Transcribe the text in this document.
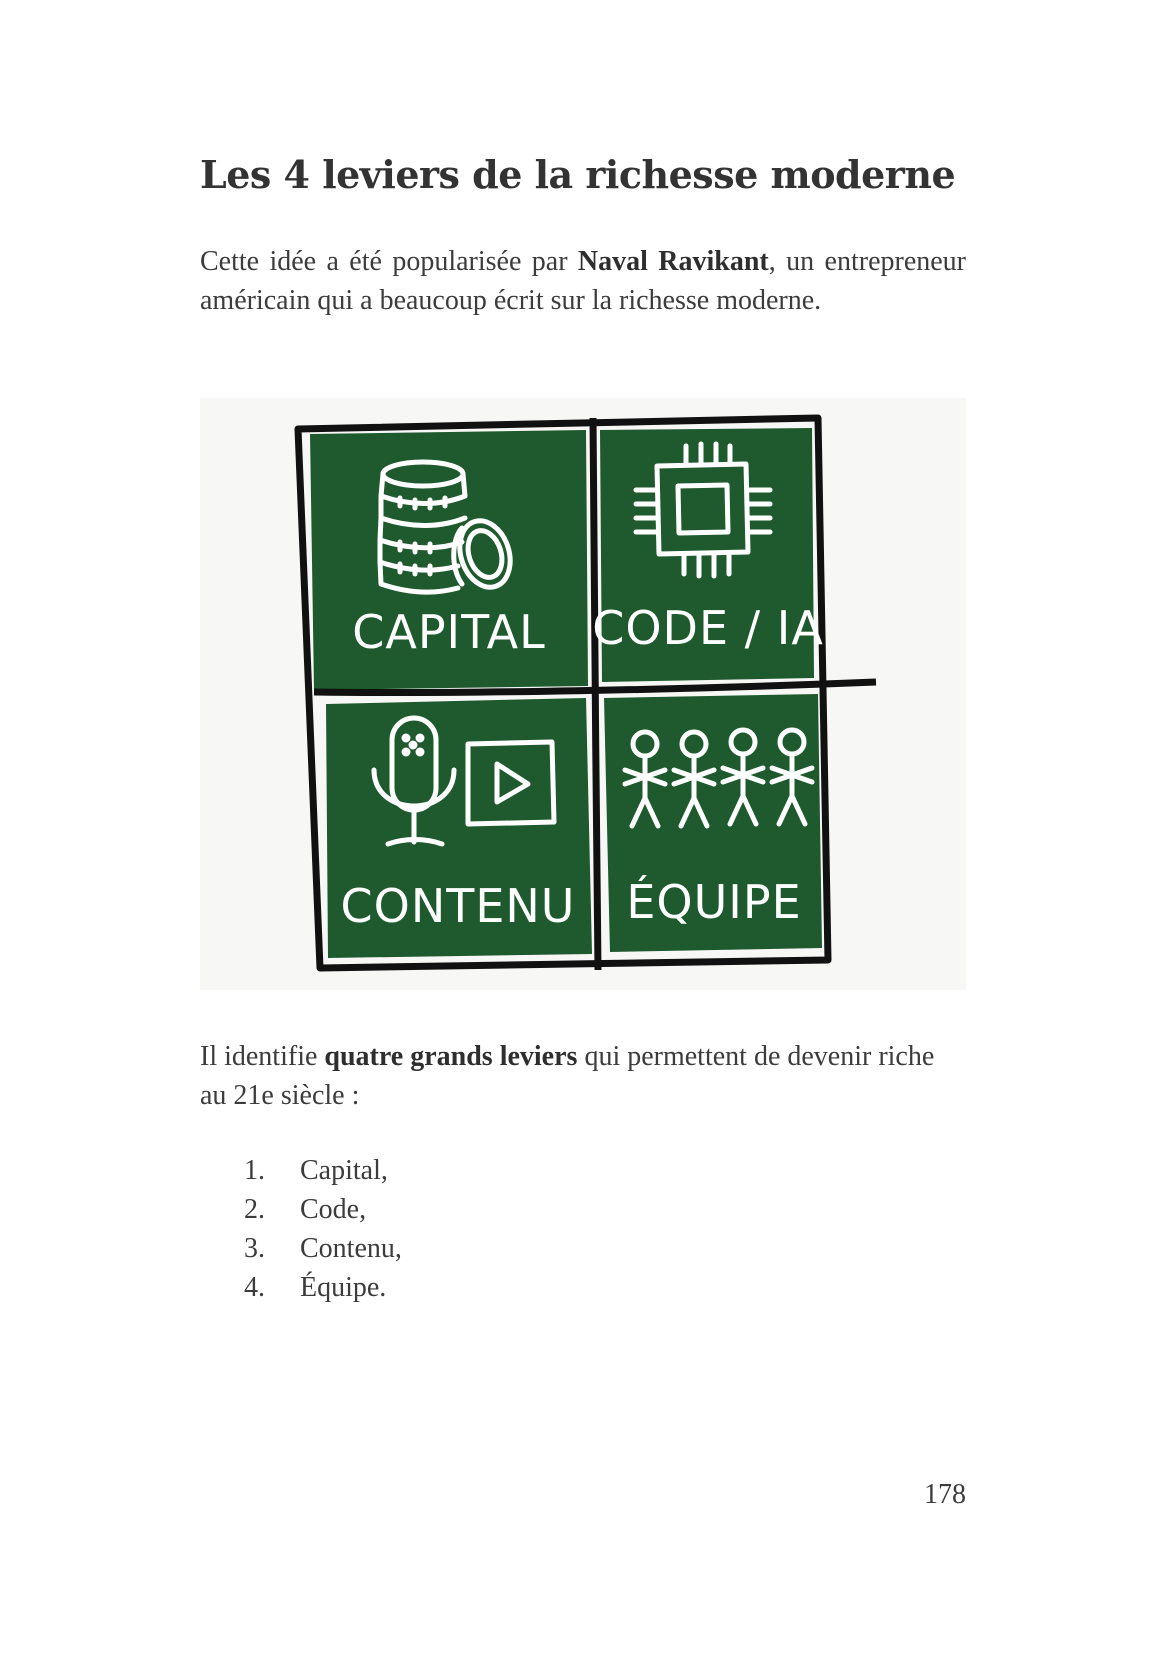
Les 4 leviers de la richesse moderne

Cette idée a été popularisée par Naval Ravikant, un entrepreneur américain qui a beaucoup écrit sur la richesse moderne.

CAPITAL CODE / IA
CONTENU ÉQUIPE

Il identifie quatre grands leviers qui permettent de devenir riche au 21e siècle :

1.	Capital,
2.	Code,
3.	Contenu,
4.	Équipe.
178
